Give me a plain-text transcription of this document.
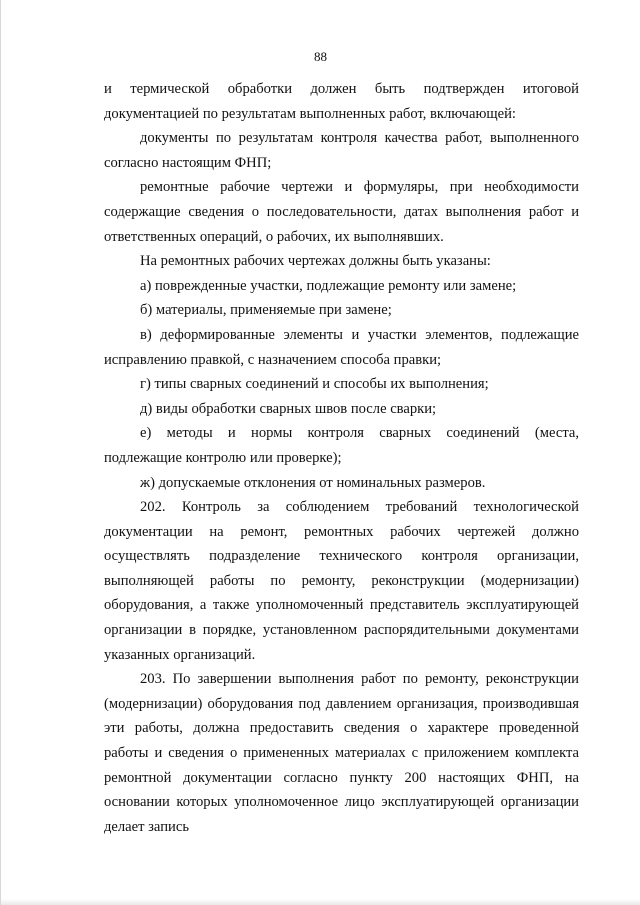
88

и термической обработки должен быть подтвержден итоговой документацией по результатам выполненных работ, включающей:

документы по результатам контроля качества работ, выполненного согласно настоящим ФНП;

ремонтные рабочие чертежи и формуляры, при необходимости содержащие сведения о последовательности, датах выполнения работ и ответственных операций, о рабочих, их выполнявших.

На ремонтных рабочих чертежах должны быть указаны:

а) поврежденные участки, подлежащие ремонту или замене;

б) материалы, применяемые при замене;

в) деформированные элементы и участки элементов, подлежащие исправлению правкой, с назначением способа правки;

г) типы сварных соединений и способы их выполнения;

д) виды обработки сварных швов после сварки;

е) методы и нормы контроля сварных соединений (места, подлежащие контролю или проверке);

ж) допускаемые отклонения от номинальных размеров.

202. Контроль за соблюдением требований технологической документации на ремонт, ремонтных рабочих чертежей должно осуществлять подразделение технического контроля организации, выполняющей работы по ремонту, реконструкции (модернизации) оборудования, а также уполномоченный представитель эксплуатирующей организации в порядке, установленном распорядительными документами указанных организаций.

203. По завершении выполнения работ по ремонту, реконструкции (модернизации) оборудования под давлением организация, производившая эти работы, должна предоставить сведения о характере проведенной работы и сведения о примененных материалах с приложением комплекта ремонтной документации согласно пункту 200 настоящих ФНП, на основании которых уполномоченное лицо эксплуатирующей организации делает запись
